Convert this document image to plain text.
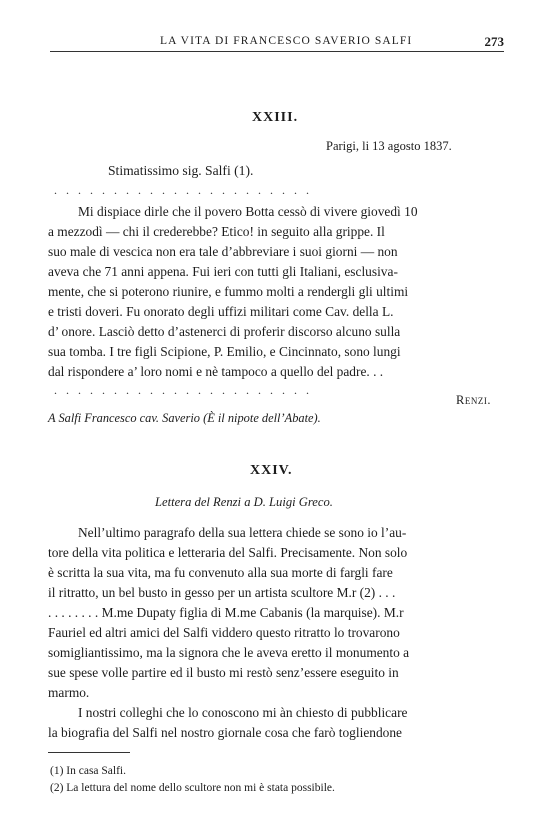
LA VITA DI FRANCESCO SAVERIO SALFI	273
XXIII.
Parigi, li 13 agosto 1837.
Stimatissimo sig. Salfi (1).
. . . . . . . . . . . . . . . . . . . . . .
Mi dispiace dirle che il povero Botta cessò di vivere giovedì 10
a mezzodì — chi il crederebbe? Etico! in seguito alla grippe. Il
suo male di vescica non era tale d’abbreviare i suoi giorni — non
aveva che 71 anni appena. Fui ieri con tutti gli Italiani, esclusiva-
mente, che si poterono riunire, e fummo molti a rendergli gli ultimi
e tristi doveri. Fu onorato degli uffizi militari come Cav. della L.
d’ onore. Lasciò detto d’astenerci di proferir discorso alcuno sulla
sua tomba. I tre figli Scipione, P. Emilio, e Cincinnato, sono lungi
dal rispondere a’ loro nomi e nè tampoco a quello del padre. . .
. . . . . . . . . . . . . . . . . . . . . .
Renzi.
A Salfi Francesco cav. Saverio (È il nipote dell’Abate).
XXIV.
Lettera del Renzi a D. Luigi Greco.
Nell’ultimo paragrafo della sua lettera chiede se sono io l’au-
tore della vita politica e letteraria del Salfi. Precisamente. Non solo
è scritta la sua vita, ma fu convenuto alla sua morte di fargli fare
il ritratto, un bel busto in gesso per un artista scultore M.r (2) . . .
. . . . . . . . M.me Dupaty figlia di M.me Cabanis (la marquise). M.r
Fauriel ed altri amici del Salfi viddero questo ritratto lo trovarono
somigliantissimo, ma la signora che le aveva eretto il monumento a
sue spese volle partire ed il busto mi restò senz’essere eseguito in
marmo.
I nostri colleghi che lo conoscono mi àn chiesto di pubblicare
la biografia del Salfi nel nostro giornale cosa che farò togliendone
(1) In casa Salfi.
(2) La lettura del nome dello scultore non mi è stata possibile.
